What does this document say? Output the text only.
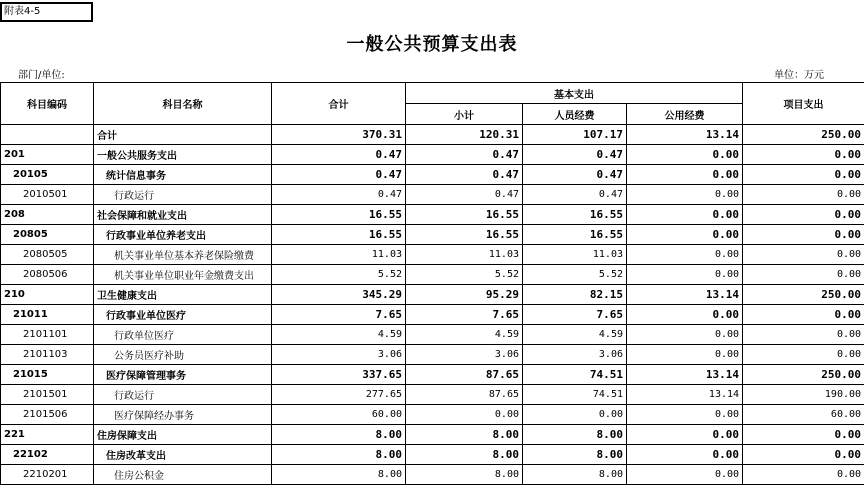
附表4-5
一般公共预算支出表
部门/单位:	单位：万元
科目编码	科目名称	合计	基本支出			项目支出
			小计	人员经费	公用经费	
	合计	370.31	120.31	107.17	13.14	250.00
201	一般公共服务支出	0.47	0.47	0.47	0.00	0.00
20105	统计信息事务	0.47	0.47	0.47	0.00	0.00
2010501	行政运行	0.47	0.47	0.47	0.00	0.00
208	社会保障和就业支出	16.55	16.55	16.55	0.00	0.00
20805	行政事业单位养老支出	16.55	16.55	16.55	0.00	0.00
2080505	机关事业单位基本养老保险缴费	11.03	11.03	11.03	0.00	0.00
2080506	机关事业单位职业年金缴费支出	5.52	5.52	5.52	0.00	0.00
210	卫生健康支出	345.29	95.29	82.15	13.14	250.00
21011	行政事业单位医疗	7.65	7.65	7.65	0.00	0.00
2101101	行政单位医疗	4.59	4.59	4.59	0.00	0.00
2101103	公务员医疗补助	3.06	3.06	3.06	0.00	0.00
21015	医疗保障管理事务	337.65	87.65	74.51	13.14	250.00
2101501	行政运行	277.65	87.65	74.51	13.14	190.00
2101506	医疗保障经办事务	60.00	0.00	0.00	0.00	60.00
221	住房保障支出	8.00	8.00	8.00	0.00	0.00
22102	住房改革支出	8.00	8.00	8.00	0.00	0.00
2210201	住房公积金	8.00	8.00	8.00	0.00	0.00
